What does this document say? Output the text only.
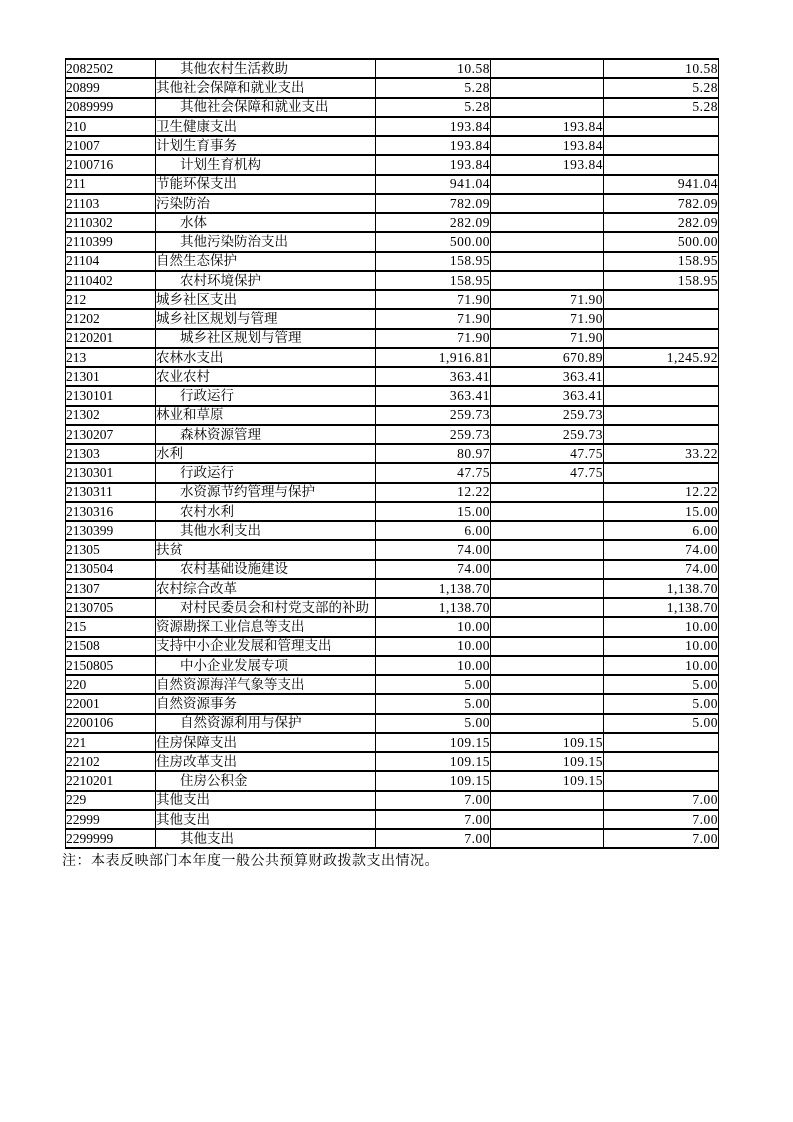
2082502	其他农村生活救助	10.58		10.58
20899	其他社会保障和就业支出	5.28		5.28
2089999	其他社会保障和就业支出	5.28		5.28
210	卫生健康支出	193.84	193.84	
21007	计划生育事务	193.84	193.84	
2100716	计划生育机构	193.84	193.84	
211	节能环保支出	941.04		941.04
21103	污染防治	782.09		782.09
2110302	水体	282.09		282.09
2110399	其他污染防治支出	500.00		500.00
21104	自然生态保护	158.95		158.95
2110402	农村环境保护	158.95		158.95
212	城乡社区支出	71.90	71.90	
21202	城乡社区规划与管理	71.90	71.90	
2120201	城乡社区规划与管理	71.90	71.90	
213	农林水支出	1,916.81	670.89	1,245.92
21301	农业农村	363.41	363.41	
2130101	行政运行	363.41	363.41	
21302	林业和草原	259.73	259.73	
2130207	森林资源管理	259.73	259.73	
21303	水利	80.97	47.75	33.22
2130301	行政运行	47.75	47.75	
2130311	水资源节约管理与保护	12.22		12.22
2130316	农村水利	15.00		15.00
2130399	其他水利支出	6.00		6.00
21305	扶贫	74.00		74.00
2130504	农村基础设施建设	74.00		74.00
21307	农村综合改革	1,138.70		1,138.70
2130705	对村民委员会和村党支部的补助	1,138.70		1,138.70
215	资源勘探工业信息等支出	10.00		10.00
21508	支持中小企业发展和管理支出	10.00		10.00
2150805	中小企业发展专项	10.00		10.00
220	自然资源海洋气象等支出	5.00		5.00
22001	自然资源事务	5.00		5.00
2200106	自然资源利用与保护	5.00		5.00
221	住房保障支出	109.15	109.15	
22102	住房改革支出	109.15	109.15	
2210201	住房公积金	109.15	109.15	
229	其他支出	7.00		7.00
22999	其他支出	7.00		7.00
2299999	其他支出	7.00		7.00
注：本表反映部门本年度一般公共预算财政拨款支出情况。
